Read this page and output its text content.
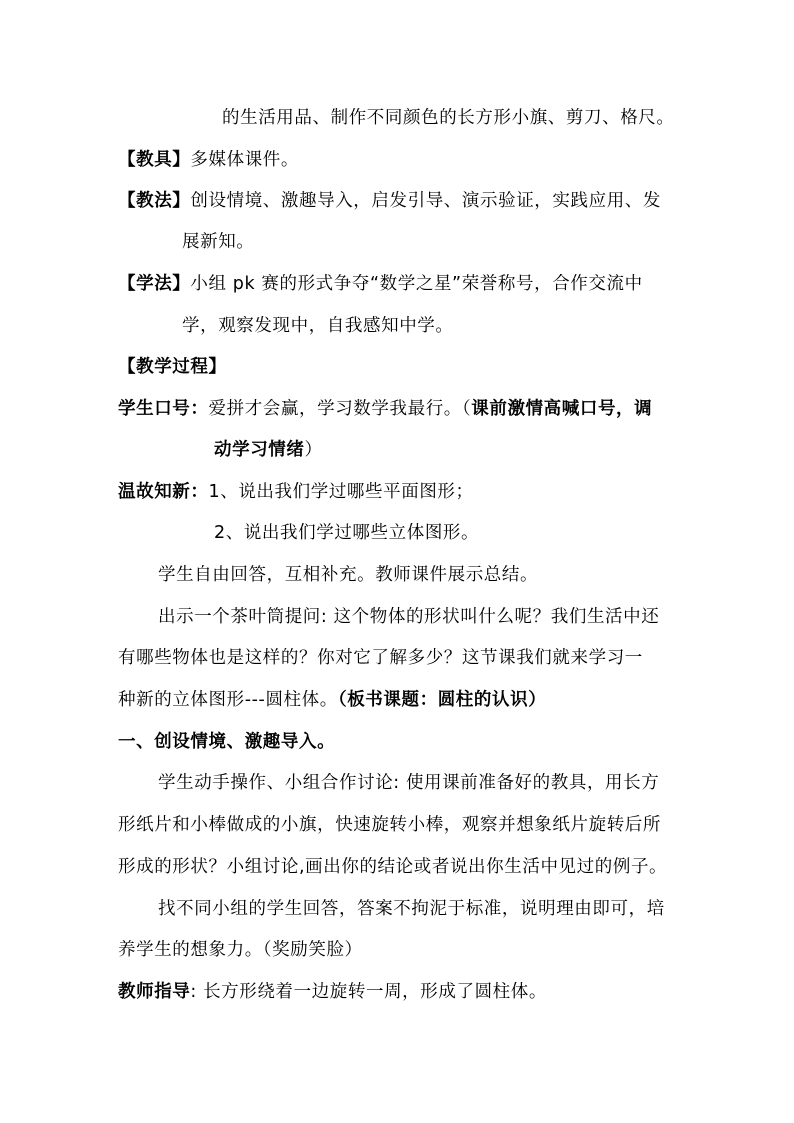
的生活用品、制作不同颜色的长方形小旗、剪刀、格尺。
【教具】多媒体课件。
【教法】创设情境、激趣导入，启发引导、演示验证，实践应用、发
展新知。
【学法】小组 pk 赛的形式争夺“数学之星”荣誉称号，合作交流中
学，观察发现中，自我感知中学。
【教学过程】
学生口号：爱拼才会赢，学习数学我最行。（课前激情高喊口号，调
动学习情绪）
温故知新：1、说出我们学过哪些平面图形；
2、说出我们学过哪些立体图形。
学生自由回答，互相补充。教师课件展示总结。
出示一个茶叶筒提问: 这个物体的形状叫什么呢？我们生活中还
有哪些物体也是这样的？你对它了解多少？这节课我们就来学习一
种新的立体图形---圆柱体。（板书课题：圆柱的认识）
一、创设情境、激趣导入。
学生动手操作、小组合作讨论: 使用课前准备好的教具，用长方
形纸片和小棒做成的小旗，快速旋转小棒，观察并想象纸片旋转后所
形成的形状？小组讨论,画出你的结论或者说出你生活中见过的例子。
找不同小组的学生回答，答案不拘泥于标准，说明理由即可，培
养学生的想象力。（奖励笑脸）
教师指导: 长方形绕着一边旋转一周，形成了圆柱体。
